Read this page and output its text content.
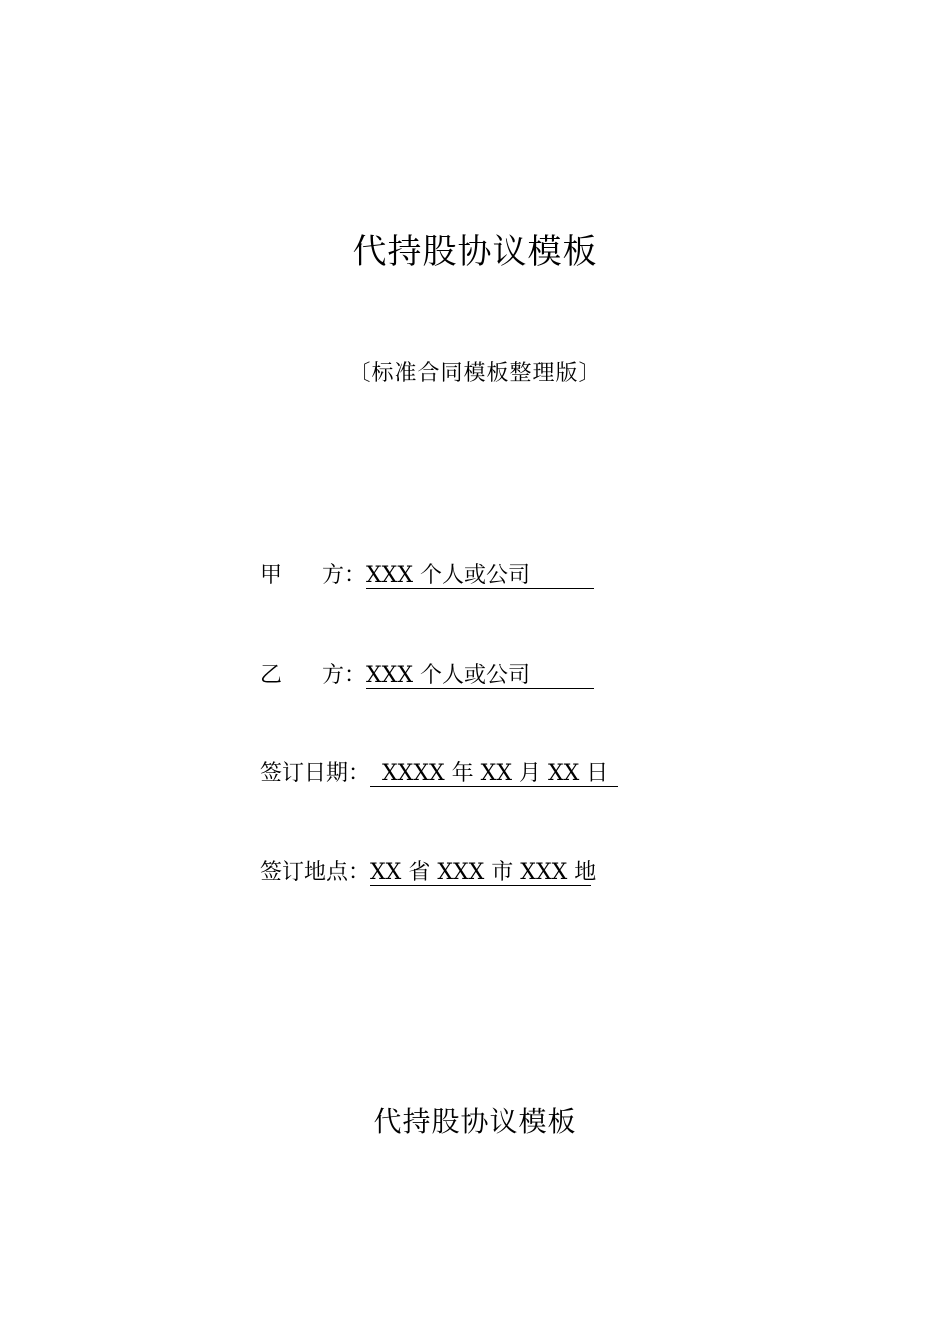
代持股协议模板
〔标准合同模板整理版〕
甲 方： XXX 个人或公司
乙 方： XXX 个人或公司
签订日期： XXXX 年 XX 月 XX 日
签订地点：XX 省 XXX 市 XXX 地
代持股协议模板
